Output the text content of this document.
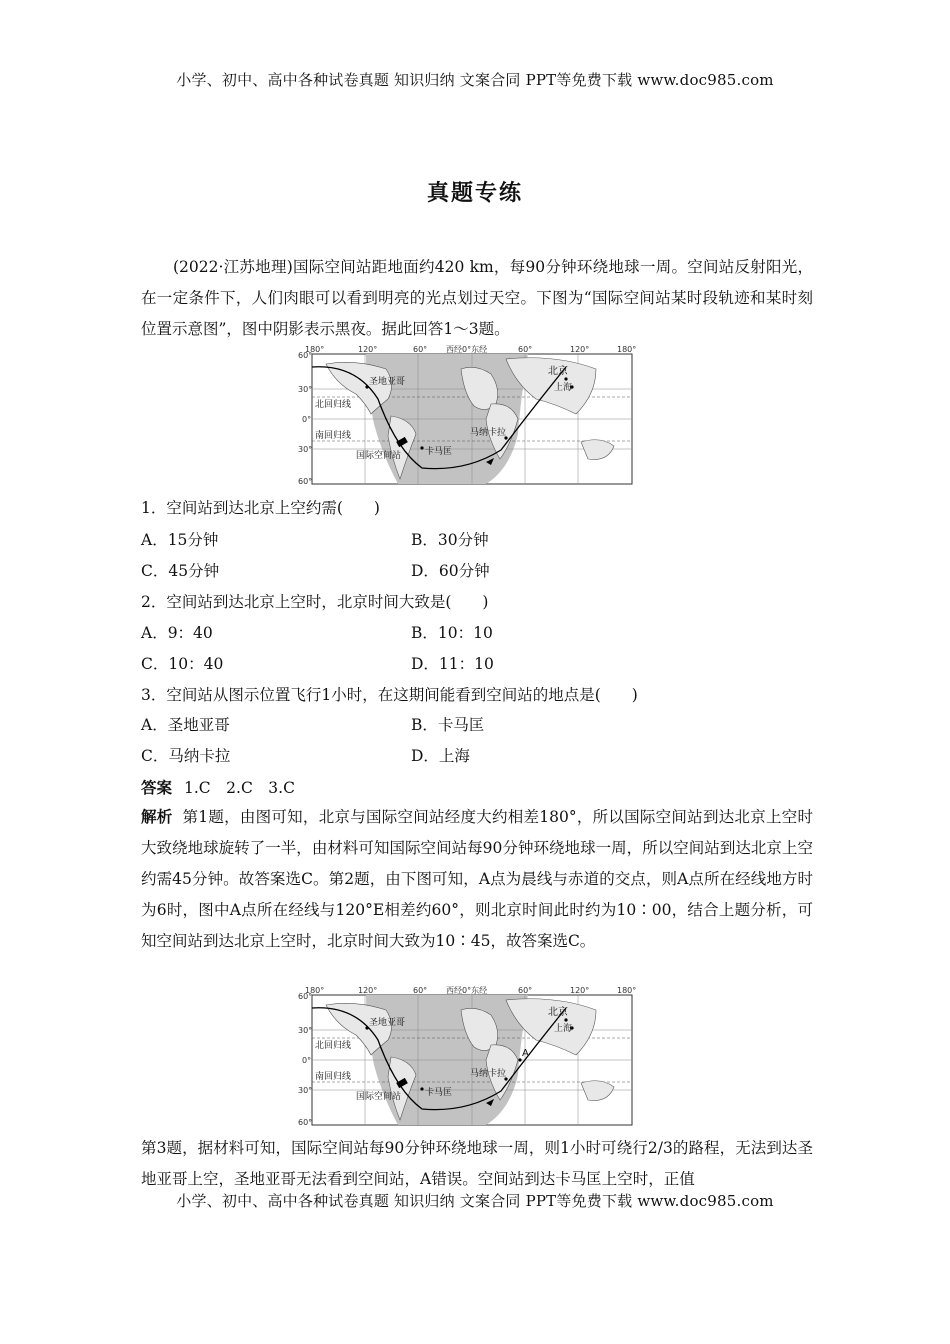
小学、初中、高中各种试卷真题 知识归纳 文案合同 PPT等免费下载 www.doc985.com
真题专练
(2022·江苏地理)国际空间站距地面约420 km，每90分钟环绕地球一周。空间站反射阳光，在一定条件下，人们肉眼可以看到明亮的光点划过天空。下图为“国际空间站某时段轨迹和某时刻位置示意图”，图中阴影表示黑夜。据此回答1～3题。
180°	120°	60° 西经0°东经	60°	120°	180°
60°
30°
0°
30°
60°
北回归线
南回归线
圣地亚哥
卡马匡
马纳卡拉
北京
上海
国际空间站
1．空间站到达北京上空约需(　　)
A．15分钟	B．30分钟
C．45分钟	D．60分钟
2．空间站到达北京上空时，北京时间大致是(　　)
A．9：40	B．10：10
C．10：40	D．11：10
3．空间站从图示位置飞行1小时，在这期间能看到空间站的地点是(　　)
A．圣地亚哥	B．卡马匡
C．马纳卡拉	D．上海
答案 1.C　2.C　3.C
解析 第1题，由图可知，北京与国际空间站经度大约相差180°，所以国际空间站到达北京上空时大致绕地球旋转了一半，由材料可知国际空间站每90分钟环绕地球一周，所以空间站到达北京上空约需45分钟。故答案选C。第2题，由下图可知，A点为晨线与赤道的交点，则A点所在经线地方时为6时，图中A点所在经线与120°E相差约60°，则北京时间此时约为10∶00，结合上题分析，可知空间站到达北京上空时，北京时间大致为10∶45，故答案选C。
180°	120°	60° 西经0°东经	60°	120°	180°
60°
30°
0°
30°
60°
北回归线
南回归线
圣地亚哥
卡马匡
马纳卡拉
北京
上海
国际空间站
A
第3题，据材料可知，国际空间站每90分钟环绕地球一周，则1小时可绕行2/3的路程，无法到达圣地亚哥上空，圣地亚哥无法看到空间站，A错误。空间站到达卡马匡上空时，正值
小学、初中、高中各种试卷真题 知识归纳 文案合同 PPT等免费下载 www.doc985.com
